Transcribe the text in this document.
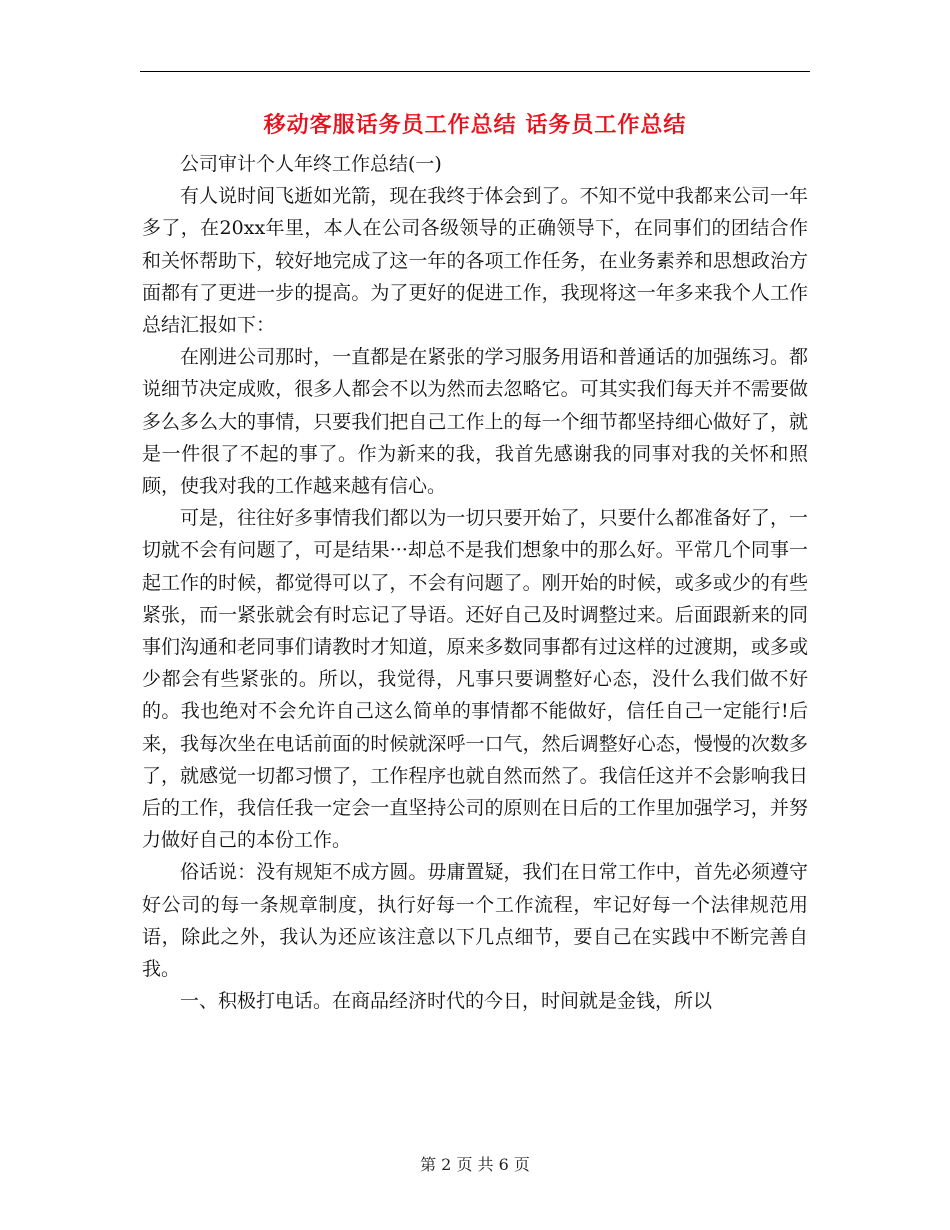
移动客服话务员工作总结 话务员工作总结

公司审计个人年终工作总结(一)

有人说时间飞逝如光箭，现在我终于体会到了。不知不觉中我都来公司一年多了，在20xx年里，本人在公司各级领导的正确领导下，在同事们的团结合作和关怀帮助下，较好地完成了这一年的各项工作任务，在业务素养和思想政治方面都有了更进一步的提高。为了更好的促进工作，我现将这一年多来我个人工作总结汇报如下：

在刚进公司那时，一直都是在紧张的学习服务用语和普通话的加强练习。都说细节决定成败，很多人都会不以为然而去忽略它。可其实我们每天并不需要做多么多么大的事情，只要我们把自己工作上的每一个细节都坚持细心做好了，就是一件很了不起的事了。作为新来的我，我首先感谢我的同事对我的关怀和照顾，使我对我的工作越来越有信心。

可是，往往好多事情我们都以为一切只要开始了，只要什么都准备好了，一切就不会有问题了，可是结果···却总不是我们想象中的那么好。平常几个同事一起工作的时候，都觉得可以了，不会有问题了。刚开始的时候，或多或少的有些紧张，而一紧张就会有时忘记了导语。还好自己及时调整过来。后面跟新来的同事们沟通和老同事们请教时才知道，原来多数同事都有过这样的过渡期，或多或少都会有些紧张的。所以，我觉得，凡事只要调整好心态，没什么我们做不好的。我也绝对不会允许自己这么简单的事情都不能做好，信任自己一定能行!后来，我每次坐在电话前面的时候就深呼一口气，然后调整好心态，慢慢的次数多了，就感觉一切都习惯了，工作程序也就自然而然了。我信任这并不会影响我日后的工作，我信任我一定会一直坚持公司的原则在日后的工作里加强学习，并努力做好自己的本份工作。

俗话说：没有规矩不成方圆。毋庸置疑，我们在日常工作中，首先必须遵守好公司的每一条规章制度，执行好每一个工作流程，牢记好每一个法律规范用语，除此之外，我认为还应该注意以下几点细节，要自己在实践中不断完善自我。

一、积极打电话。在商品经济时代的今日，时间就是金钱，所以

第 2 页 共 6 页
